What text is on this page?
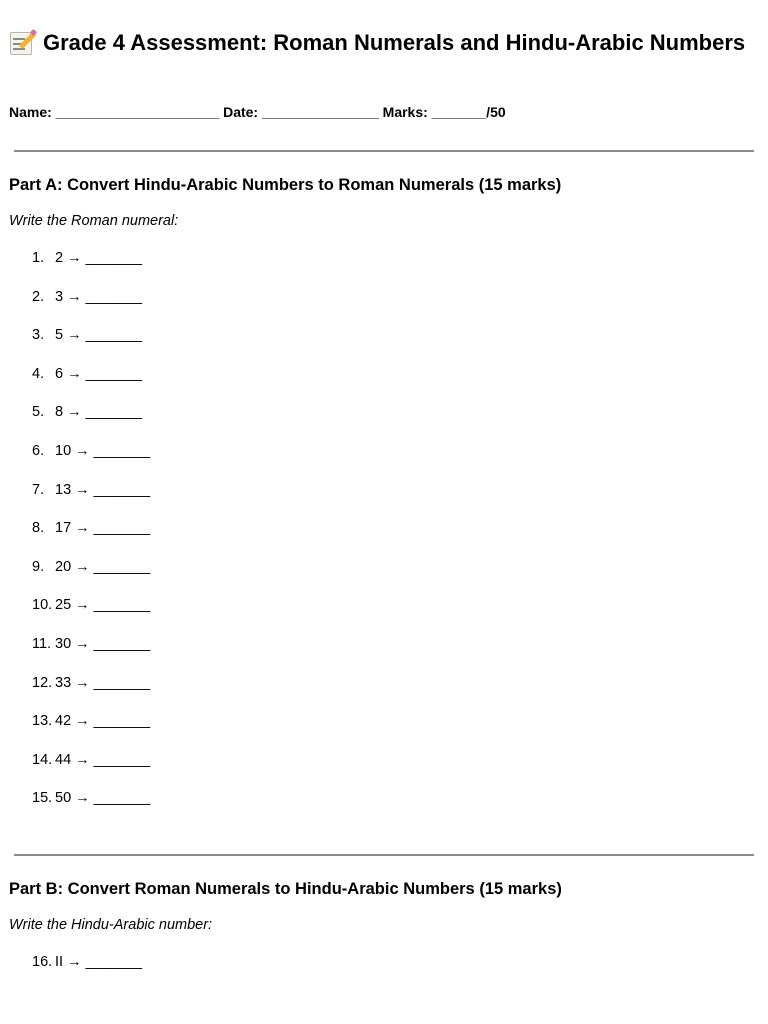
Grade 4 Assessment: Roman Numerals and Hindu-Arabic Numbers
Name: _____________________ Date: _______________ Marks: _______/50
Part A: Convert Hindu-Arabic Numbers to Roman Numerals (15 marks)
Write the Roman numeral:
1. 2 → _______
2. 3 → _______
3. 5 → _______
4. 6 → _______
5. 8 → _______
6. 10 → _______
7. 13 → _______
8. 17 → _______
9. 20 → _______
10. 25 → _______
11. 30 → _______
12. 33 → _______
13. 42 → _______
14. 44 → _______
15. 50 → _______
Part B: Convert Roman Numerals to Hindu-Arabic Numbers (15 marks)
Write the Hindu-Arabic number:
16. II → _______
